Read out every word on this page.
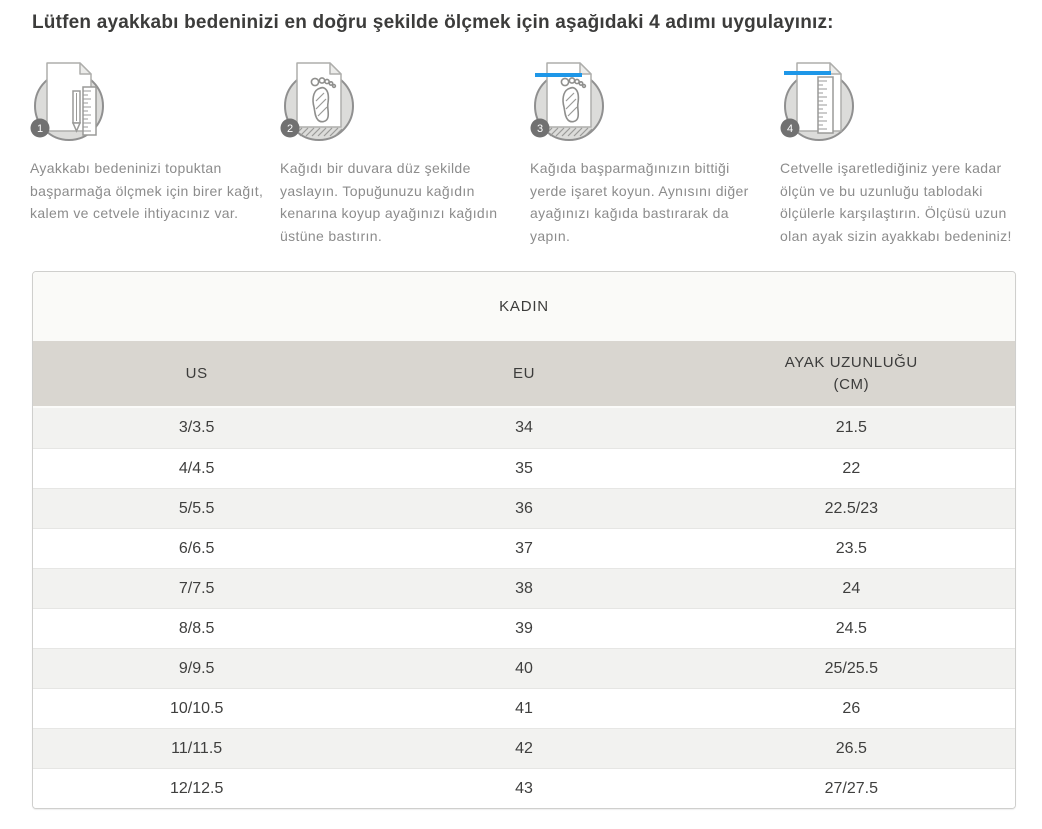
Lütfen ayakkabı bedeninizi en doğru şekilde ölçmek için aşağıdaki 4 adımı uygulayınız:
1

Ayakkabı bedeninizi topuktan başparmağa ölçmek için birer kağıt, kalem ve cetvele ihtiyacınız var.

2

Kağıdı bir duvara düz şekilde yaslayın. Topuğunuzu kağıdın kenarına koyup ayağınızı kağıdın üstüne bastırın.

3

Kağıda başparmağınızın bittiği yerde işaret koyun. Aynısını diğer ayağınızı kağıda bastırarak da yapın.

4

Cetvelle işaretlediğiniz yere kadar ölçün ve bu uzunluğu tablodaki ölçülerle karşılaştırın. Ölçüsü uzun olan ayak sizin ayakkabı bedeniniz!

KADIN		

US	EU	AYAK UZUNLUĞU
(CM)

3/3.5	34	21.5
4/4.5	35	22
5/5.5	36	22.5/23
6/6.5	37	23.5
7/7.5	38	24
8/8.5	39	24.5
9/9.5	40	25/25.5
10/10.5	41	26
11/11.5	42	26.5
12/12.5	43	27/27.5
